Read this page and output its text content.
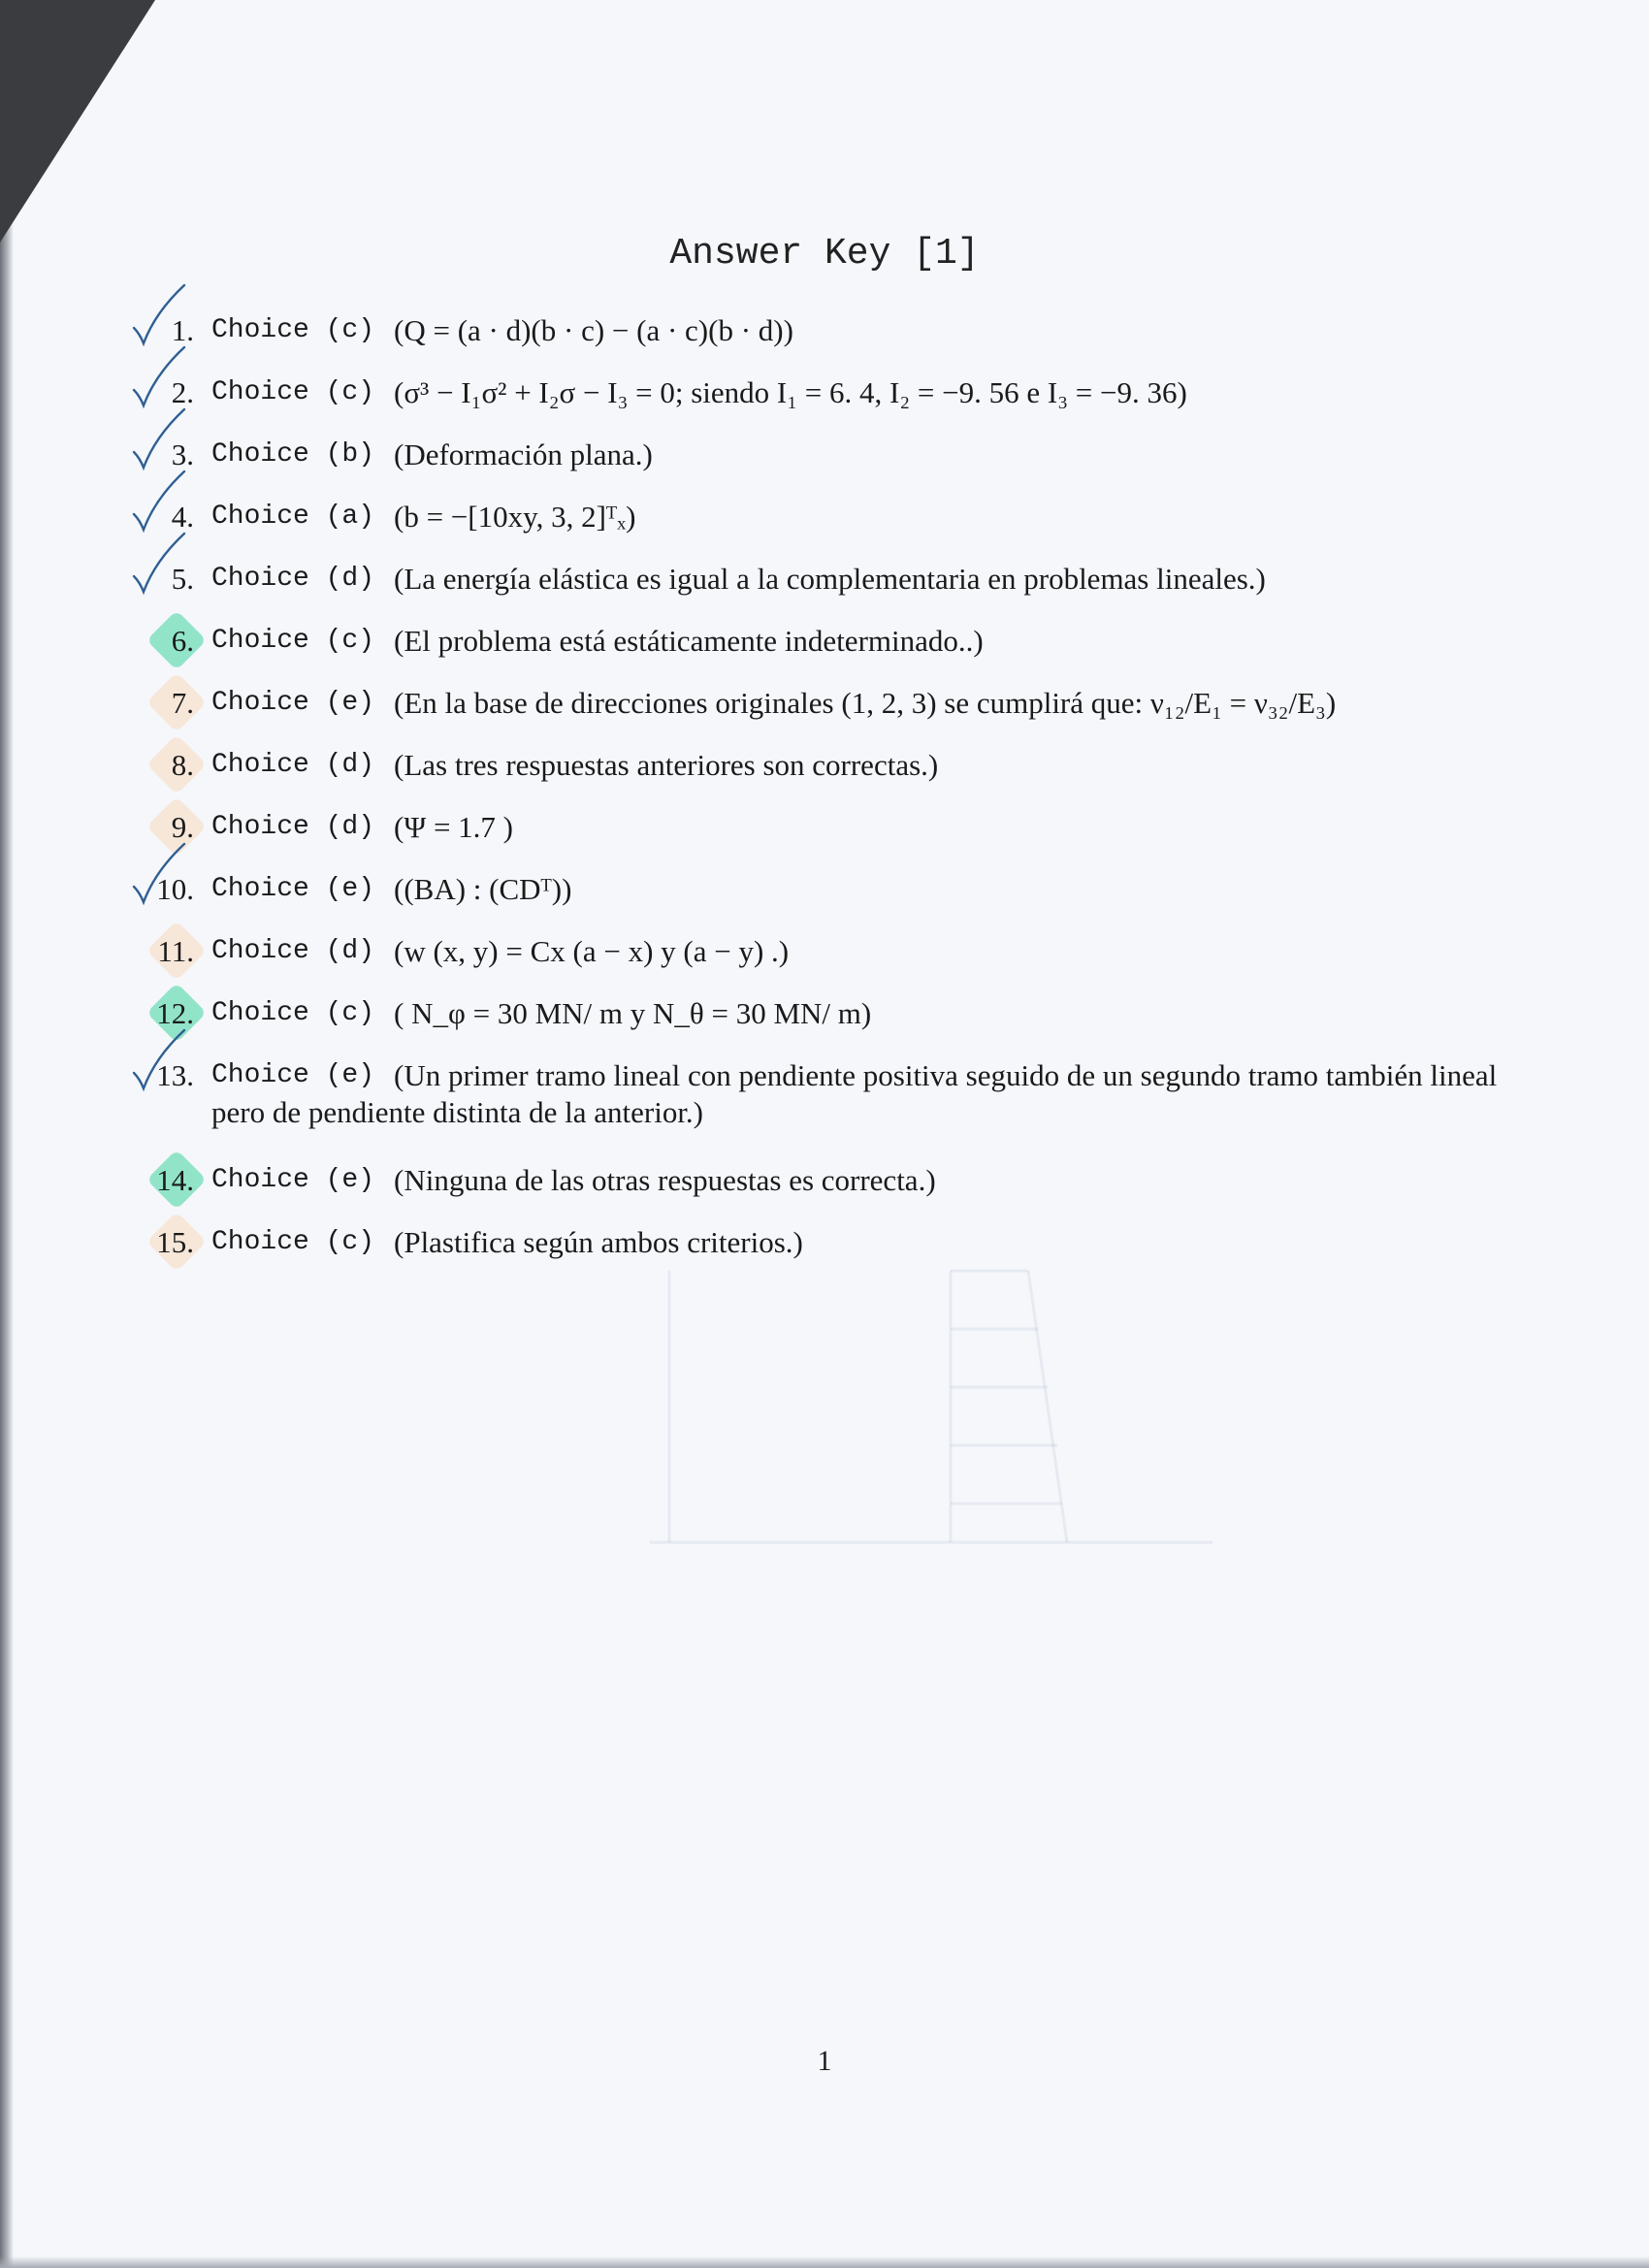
Answer Key [1]
1. Choice (c) (Q = (a · d)(b · c) − (a · c)(b · d))
2. Choice (c) (σ³ − I₁σ² + I₂σ − I₃ = 0; siendo I₁ = 6. 4, I₂ = −9. 56 e I₃ = −9. 36)
3. Choice (b) (Deformación plana.)
4. Choice (a) (b = −[10xy, 3, 2]ᵀₓ)
5. Choice (d) (La energía elástica es igual a la complementaria en problemas lineales.)
6. Choice (c) (El problema está estáticamente indeterminado..)
7. Choice (e) (En la base de direcciones originales (1, 2, 3) se cumplirá que: ν₁₂/E₁ = ν₃₂/E₃)
8. Choice (d) (Las tres respuestas anteriores son correctas.)
9. Choice (d) (Ψ = 1.7 )
10. Choice (e) ((BA) : (CDᵀ))
11. Choice (d) (w (x, y) = Cx (a − x) y (a − y) .)
12. Choice (c) ( N_φ = 30 MN/ m y N_θ = 30 MN/ m)
13. Choice (e) (Un primer tramo lineal con pendiente positiva seguido de un segundo tramo también lineal pero de pendiente distinta de la anterior.)
14. Choice (e) (Ninguna de las otras respuestas es correcta.)
15. Choice (c) (Plastifica según ambos criterios.)
1
